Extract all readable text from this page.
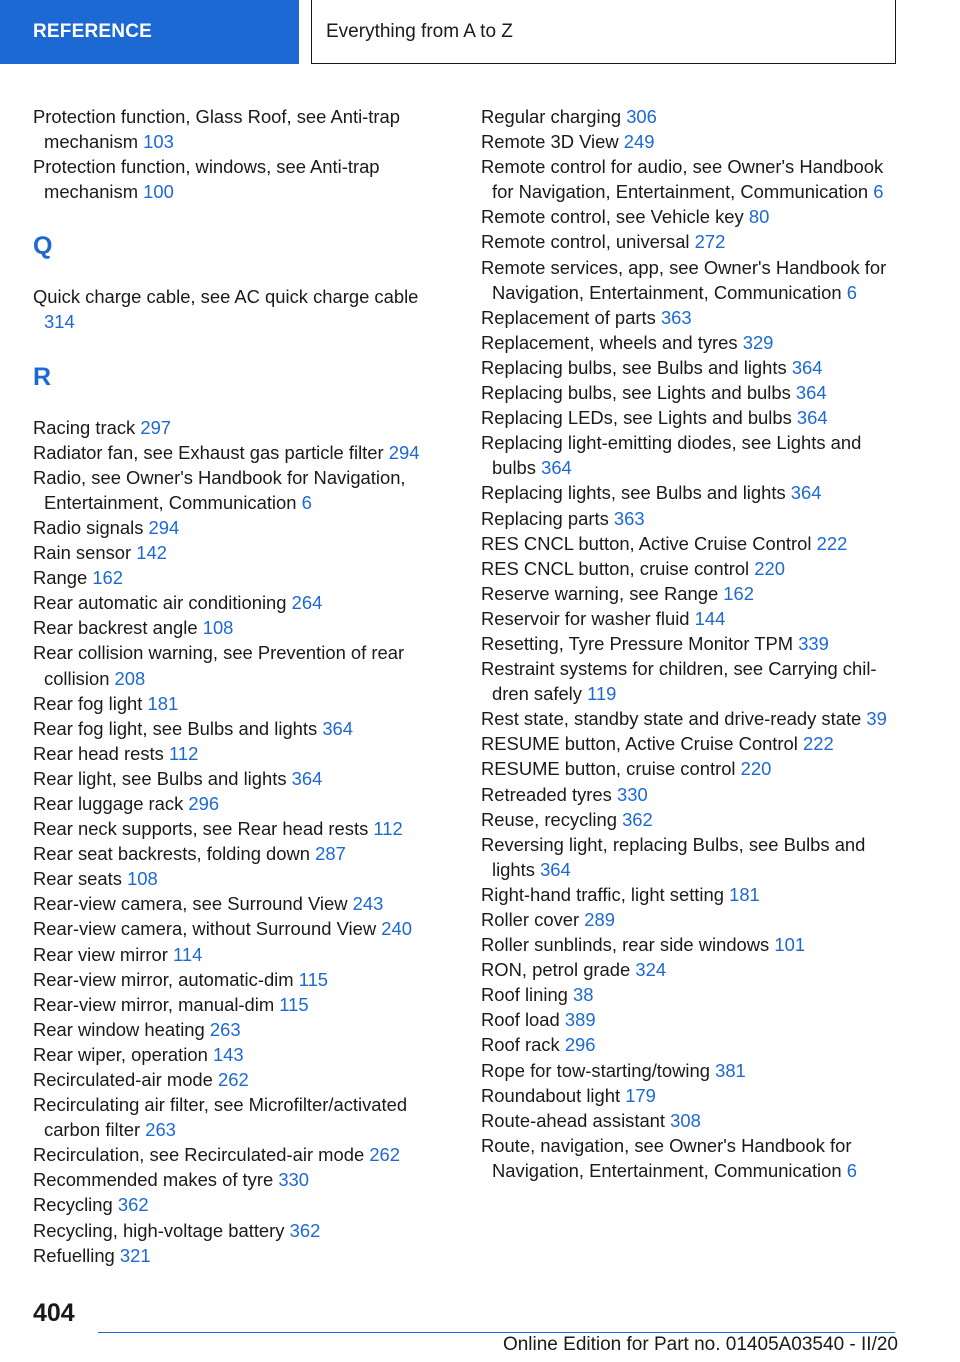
REFERENCE	Everything from A to Z
Protection function, Glass Roof, see Anti-trap mechanism 103
Protection function, windows, see Anti-trap mechanism 100
Q
Quick charge cable, see AC quick charge cable 314
R
Racing track 297
Radiator fan, see Exhaust gas particle filter 294
Radio, see Owner's Handbook for Navigation, Entertainment, Communication 6
Radio signals 294
Rain sensor 142
Range 162
Rear automatic air conditioning 264
Rear backrest angle 108
Rear collision warning, see Prevention of rear collision 208
Rear fog light 181
Rear fog light, see Bulbs and lights 364
Rear head rests 112
Rear light, see Bulbs and lights 364
Rear luggage rack 296
Rear neck supports, see Rear head rests 112
Rear seat backrests, folding down 287
Rear seats 108
Rear-view camera, see Surround View 243
Rear-view camera, without Surround View 240
Rear view mirror 114
Rear-view mirror, automatic-dim 115
Rear-view mirror, manual-dim 115
Rear window heating 263
Rear wiper, operation 143
Recirculated-air mode 262
Recirculating air filter, see Microfilter/activated carbon filter 263
Recirculation, see Recirculated-air mode 262
Recommended makes of tyre 330
Recycling 362
Recycling, high-voltage battery 362
Refuelling 321
Regular charging 306
Remote 3D View 249
Remote control for audio, see Owner's Handbook for Navigation, Entertainment, Communication 6
Remote control, see Vehicle key 80
Remote control, universal 272
Remote services, app, see Owner's Handbook for Navigation, Entertainment, Communication 6
Replacement of parts 363
Replacement, wheels and tyres 329
Replacing bulbs, see Bulbs and lights 364
Replacing bulbs, see Lights and bulbs 364
Replacing LEDs, see Lights and bulbs 364
Replacing light-emitting diodes, see Lights and bulbs 364
Replacing lights, see Bulbs and lights 364
Replacing parts 363
RES CNCL button, Active Cruise Control 222
RES CNCL button, cruise control 220
Reserve warning, see Range 162
Reservoir for washer fluid 144
Resetting, Tyre Pressure Monitor TPM 339
Restraint systems for children, see Carrying children safely 119
Rest state, standby state and drive-ready state 39
RESUME button, Active Cruise Control 222
RESUME button, cruise control 220
Retreaded tyres 330
Reuse, recycling 362
Reversing light, replacing Bulbs, see Bulbs and lights 364
Right-hand traffic, light setting 181
Roller cover 289
Roller sunblinds, rear side windows 101
RON, petrol grade 324
Roof lining 38
Roof load 389
Roof rack 296
Rope for tow-starting/towing 381
Roundabout light 179
Route-ahead assistant 308
Route, navigation, see Owner's Handbook for Navigation, Entertainment, Communication 6
404
Online Edition for Part no. 01405A03540 - II/20
